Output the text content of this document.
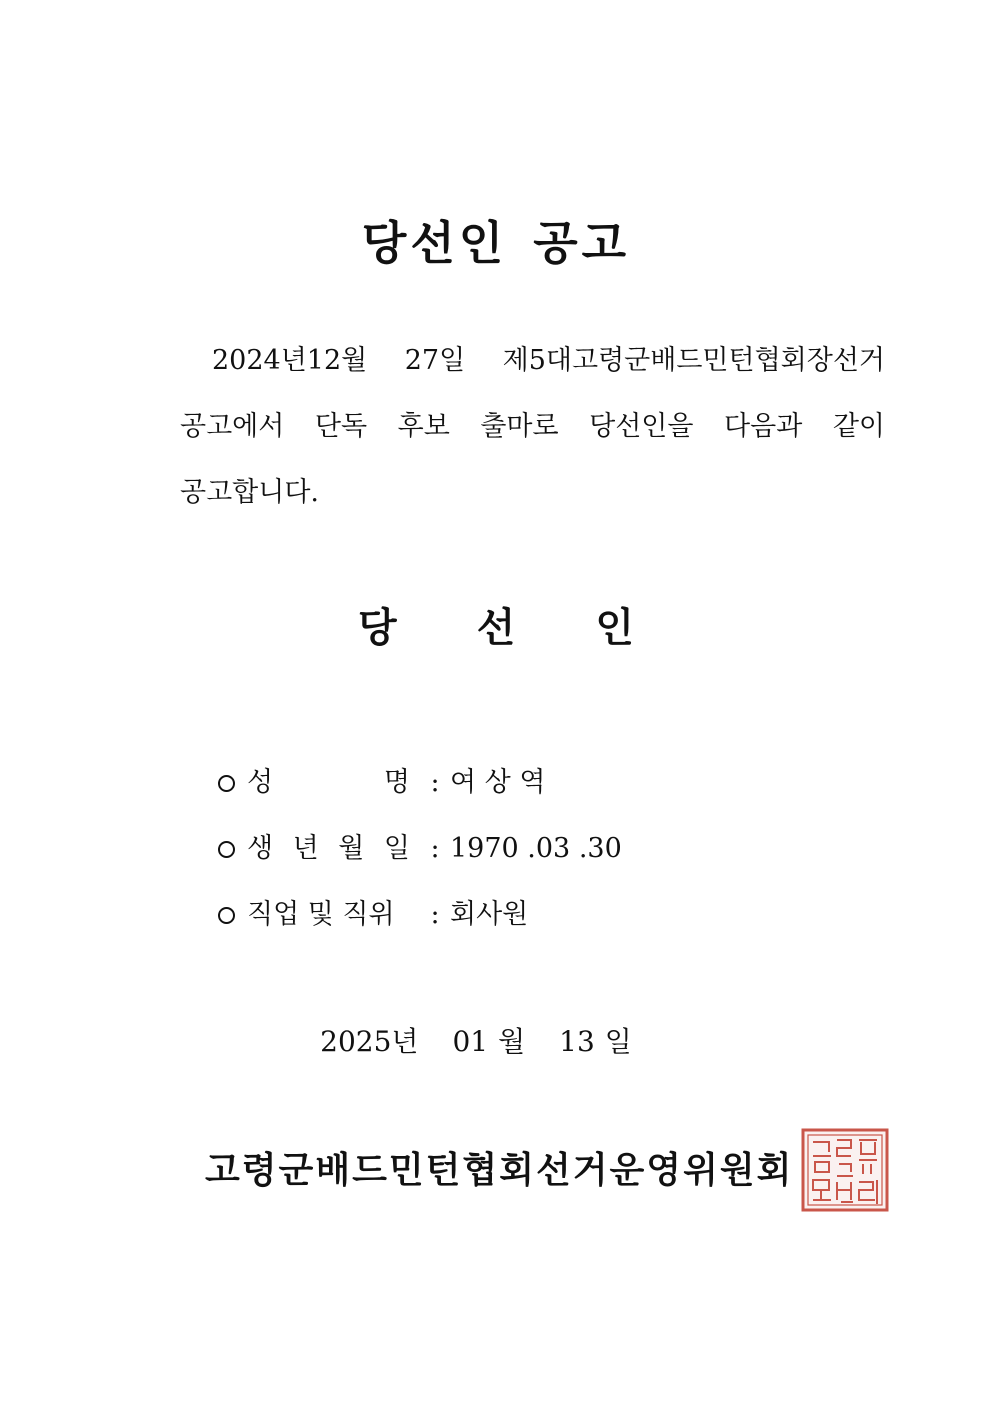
당선인 공고
2024년12월 27일 제5대고령군배드민턴협회장선거
공고에서 단독 후보 출마로 당선인을 다음과 같이
공고합니다.
당 선 인
성 명 : 여 상 역
생 년 월 일 : 1970 .03 .30
직업 및 직위	: 회사원
2025년 01 월 13 일
고령군배드민턴협회선거운영위원회
